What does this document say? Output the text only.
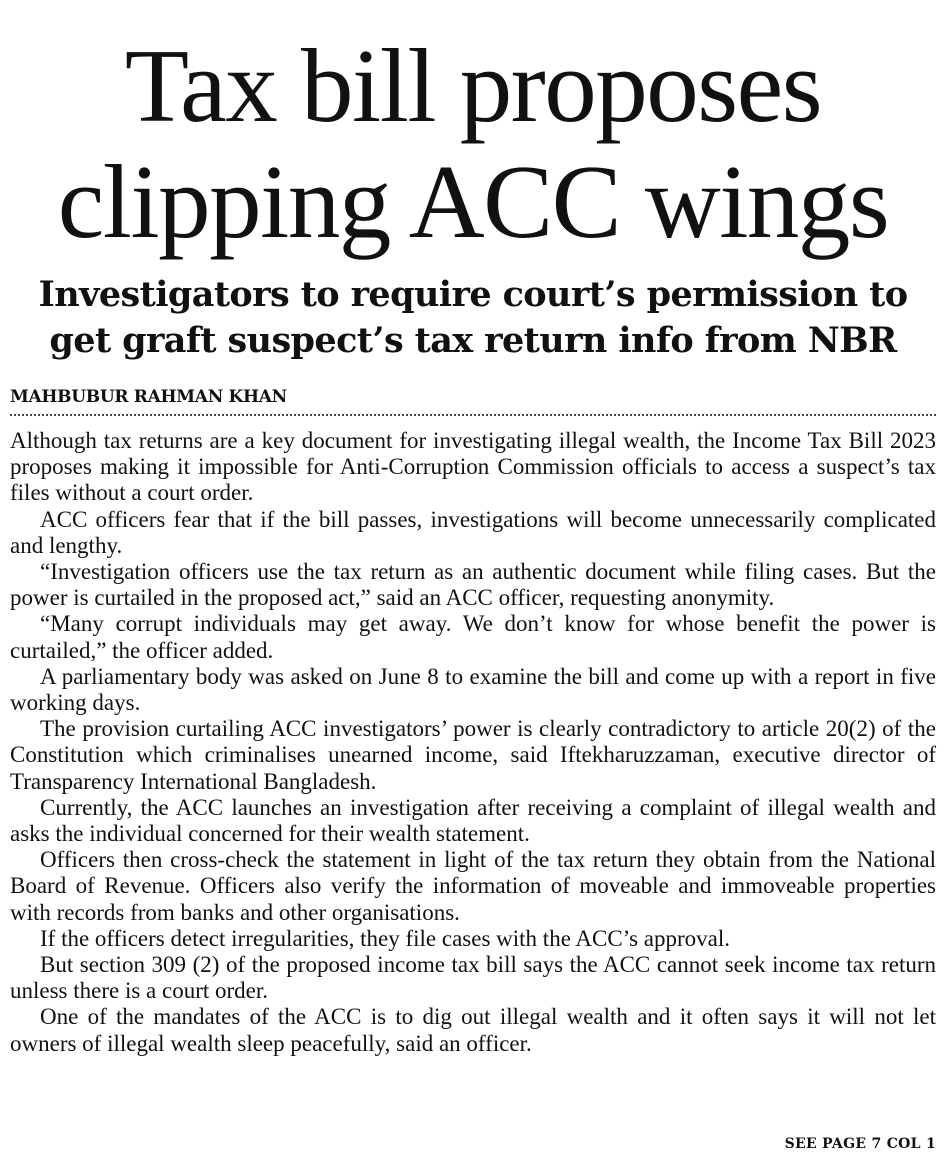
Tax bill proposes
clipping ACC wings
Investigators to require court’s permission to
get graft suspect’s tax return info from NBR
MAHBUBUR RAHMAN KHAN

Although tax returns are a key document for investigating illegal wealth, the Income Tax Bill 2023 proposes making it impossible for Anti-Corruption Commission officials to access a suspect’s tax files without a court order.

ACC officers fear that if the bill passes, investigations will become unnecessarily complicated and lengthy.

“Investigation officers use the tax return as an authentic document while filing cases. But the power is curtailed in the proposed act,” said an ACC officer, requesting anonymity.

“Many corrupt individuals may get away. We don’t know for whose benefit the power is curtailed,” the officer added.

A parliamentary body was asked on June 8 to examine the bill and come up with a report in five working days.

The provision curtailing ACC investigators’ power is clearly contradictory to article 20(2) of the Constitution which criminalises unearned income, said Iftekharuzzaman, executive director of Transparency International Bangladesh.

Currently, the ACC launches an investigation after receiving a complaint of illegal wealth and asks the individual concerned for their wealth statement.

Officers then cross-check the statement in light of the tax return they obtain from the National Board of Revenue. Officers also verify the information of moveable and immoveable properties with records from banks and other organisations.

If the officers detect irregularities, they file cases with the ACC’s approval.

But section 309 (2) of the proposed income tax bill says the ACC cannot seek income tax return unless there is a court order.

One of the mandates of the ACC is to dig out illegal wealth and it often says it will not let owners of illegal wealth sleep peacefully, said an officer.

SEE PAGE 7 COL 1
